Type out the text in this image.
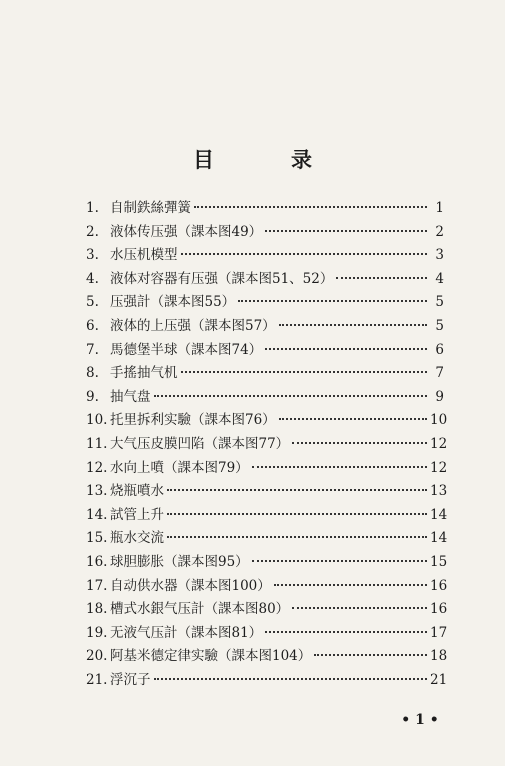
目　录
1. 自制鉄絲彈簧	1
2. 液体传压强（課本图49）	2
3. 水压机模型	3
4. 液体对容器有压强（課本图51、52）	4
5. 压强計（課本图55）	5
6. 液体的上压强（課本图57）	5
7. 馬德堡半球（課本图74）	6
8. 手搖抽气机	7
9. 抽气盘	9
10. 托里拆利实驗（課本图76）	10
11. 大气压皮膜凹陷（課本图77）	12
12. 水向上噴（課本图79）	12
13. 烧瓶噴水	13
14. 試管上升	14
15. 瓶水交流	14
16. 球胆膨胀（課本图95）	15
17. 自动供水器（課本图100）	16
18. 槽式水銀气压計（課本图80）	16
19. 无液气压計（課本图81）	17
20. 阿基米德定律实驗（課本图104）	18
21. 浮沉子	21
• 1 •
